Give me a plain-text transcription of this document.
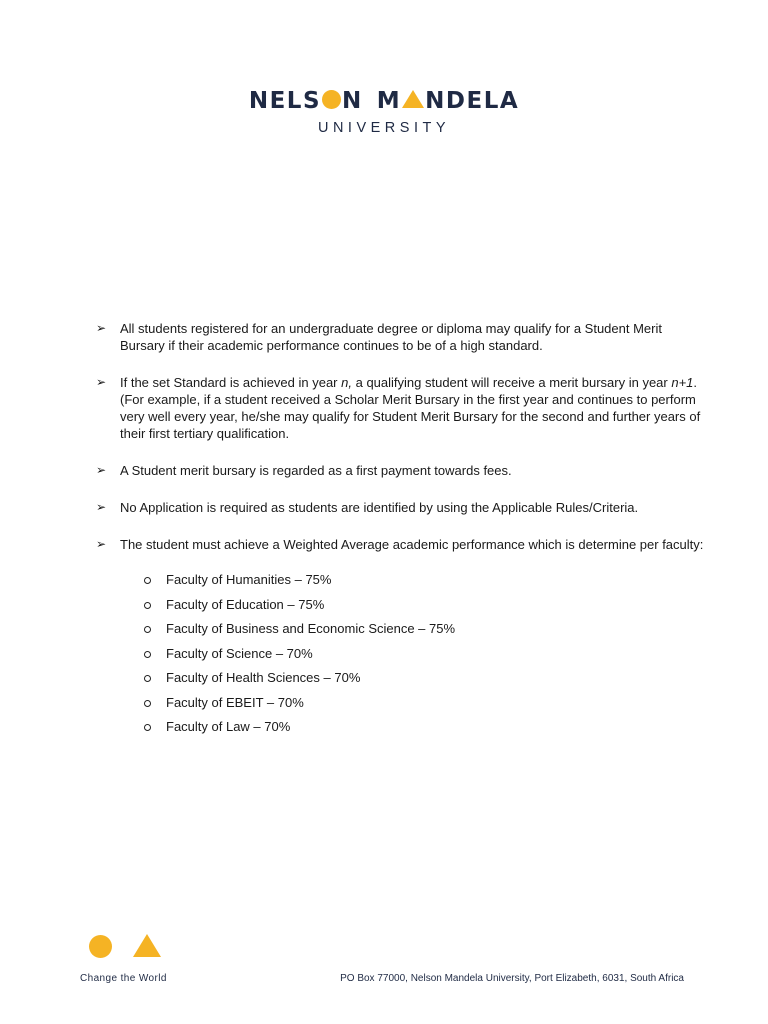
NELS N M NDELA
UNIVERSITY
➢ All students registered for an undergraduate degree or diploma may qualify for a Student Merit Bursary if their academic performance continues to be of a high standard.
➢ If the set Standard is achieved in year n, a qualifying student will receive a merit bursary in year n+1. (For example, if a student received a Scholar Merit Bursary in the first year and continues to perform very well every year, he/she may qualify for Student Merit Bursary for the second and further years of their first tertiary qualification.
➢ A Student merit bursary is regarded as a first payment towards fees.
➢ No Application is required as students are identified by using the Applicable Rules/Criteria.
➢ The student must achieve a Weighted Average academic performance which is determine per faculty:
Faculty of Humanities – 75%
Faculty of Education – 75%
Faculty of Business and Economic Science – 75%
Faculty of Science – 70%
Faculty of Health Sciences – 70%
Faculty of EBEIT – 70%
Faculty of Law – 70%
Change the World	PO Box 77000, Nelson Mandela University, Port Elizabeth, 6031, South Africa
